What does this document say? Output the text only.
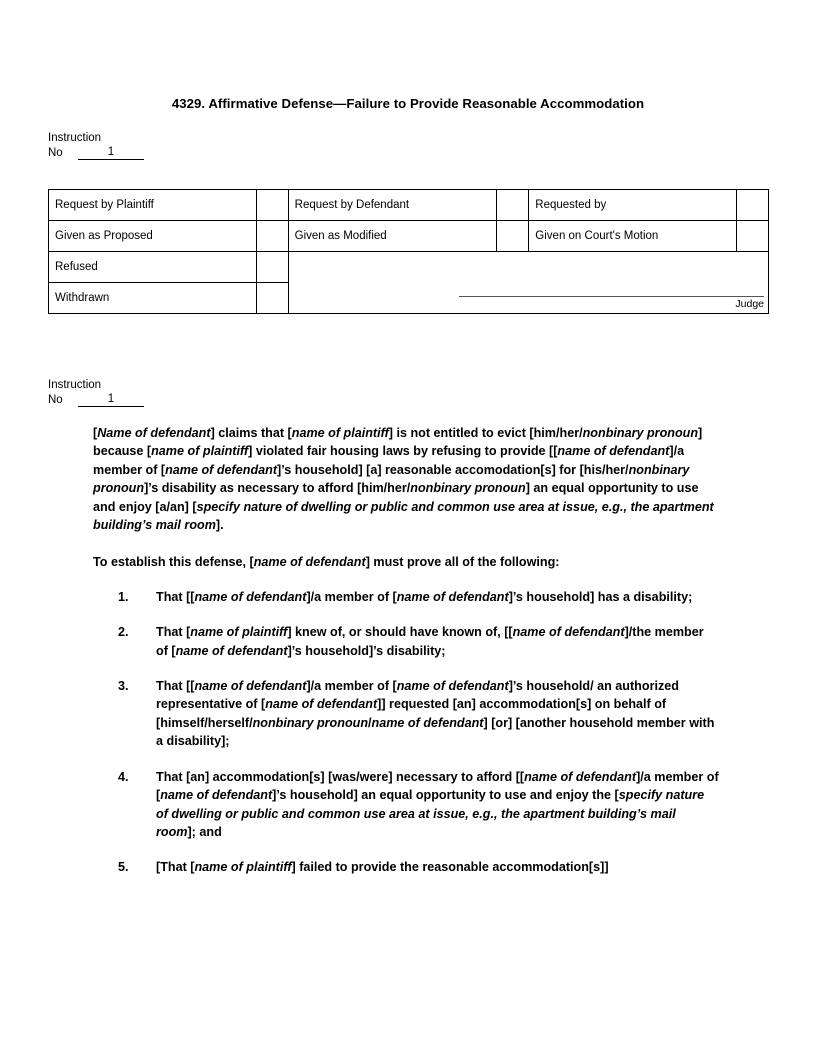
4329. Affirmative Defense—Failure to Provide Reasonable Accommodation
Instruction
No	1
Request by Plaintiff		Request by Defendant		Requested by	
Given as Proposed		Given as Modified		Given on Court's Motion	
Refused		Judge			

Withdrawn					
Instruction
No	1

[Name of defendant] claims that [name of plaintiff] is not entitled to evict [him/her/nonbinary pronoun] because [name of plaintiff] violated fair housing laws by refusing to provide [[name of defendant]/a member of [name of defendant]’s household] [a] reasonable accomodation[s] for [his/her/nonbinary pronoun]’s disability as necessary to afford [him/her/nonbinary pronoun] an equal opportunity to use and enjoy [a/an] [specify nature of dwelling or public and common use area at issue, e.g., the apartment building’s mail room].

To establish this defense, [name of defendant] must prove all of the following:

1.	That [[name of defendant]/a member of [name of defendant]’s household] has a disability;
2.	That [name of plaintiff] knew of, or should have known of, [[name of defendant]/the member of [name of defendant]’s household]’s disability;
3.	That [[name of defendant]/a member of [name of defendant]’s household/ an authorized representative of [name of defendant]] requested [an] accommodation[s] on behalf of [himself/herself/nonbinary pronoun/name of defendant] [or] [another household member with a disability];
4.	That [an] accommodation[s] [was/were] necessary to afford [[name of defendant]/a member of [name of defendant]’s household] an equal opportunity to use and enjoy the [specify nature of dwelling or public and common use area at issue, e.g., the apartment building’s mail room]; and
5.	[That [name of plaintiff] failed to provide the reasonable accommodation[s]]
